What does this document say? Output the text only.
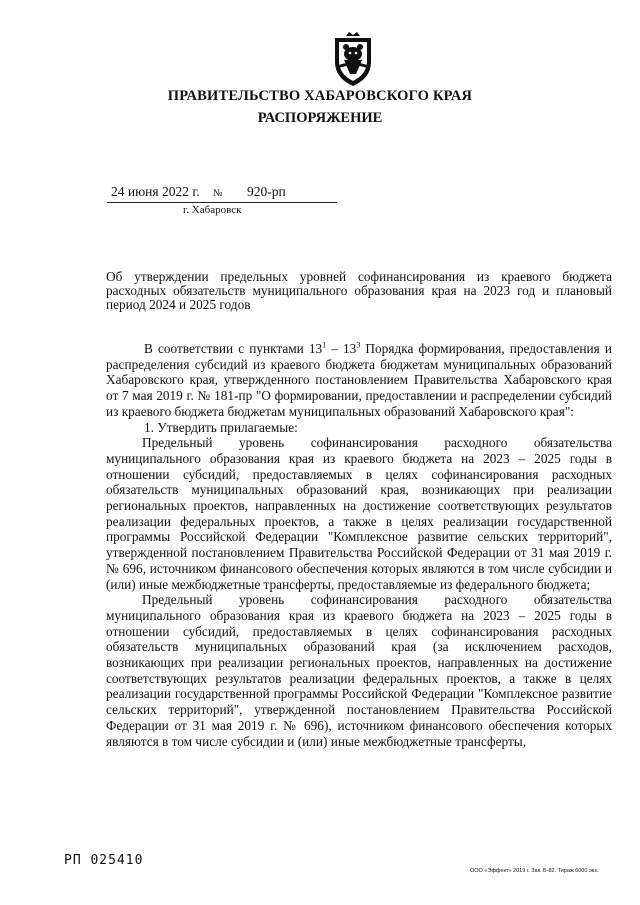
ПРАВИТЕЛЬСТВО ХАБАРОВСКОГО КРАЯ
РАСПОРЯЖЕНИЕ
24 июня 2022 г. № 920-рп
г. Хабаровск
Об утверждении предельных уровней софинансирования из краевого бюджета расходных обязательств муниципального образования края на 2023 год и плановый период 2024 и 2025 годов

В соответствии с пунктами $13^1 - 13^3$ Порядка формирования, предоставления и распределения субсидий из краевого бюджета бюджетам муниципальных образований Хабаровского края, утвержденного постановлением Правительства Хабаровского края от 7 мая 2019 г. № 181-пр "О формировании, предоставлении и распределении субсидий из краевого бюджета бюджетам муниципальных образований Хабаровского края":

1. Утвердить прилагаемые:

Предельный уровень софинансирования расходного обязательства муниципального образования края из краевого бюджета на 2023 – 2025 годы в отношении субсидий, предоставляемых в целях софинансирования расходных обязательств муниципальных образований края, возникающих при реализации региональных проектов, направленных на достижение соответствующих результатов реализации федеральных проектов, а также в целях реализации государственной программы Российской Федерации "Комплексное развитие сельских территорий", утвержденной постановлением Правительства Российской Федерации от 31 мая 2019 г. № 696, источником финансового обеспечения которых являются в том числе субсидии и (или) иные межбюджетные трансферты, предоставляемые из федерального бюджета;

Предельный уровень софинансирования расходного обязательства муниципального образования края из краевого бюджета на 2023 – 2025 годы в отношении субсидий, предоставляемых в целях софинансирования расходных обязательств муниципальных образований края (за исключением расходов, возникающих при реализации региональных проектов, направленных на достижение соответствующих результатов реализации федеральных проектов, а также в целях реализации государственной программы Российской Федерации "Комплексное развитие сельских территорий", утвержденной постановлением Правительства Российской Федерации от 31 мая 2019 г. № 696), источником финансового обеспечения которых являются в том числе субсидии и (или) иные межбюджетные трансферты,

РП 025410
ООО «Эффект» 2019 г. Зак. Б-82. Тираж 6000 экз.
